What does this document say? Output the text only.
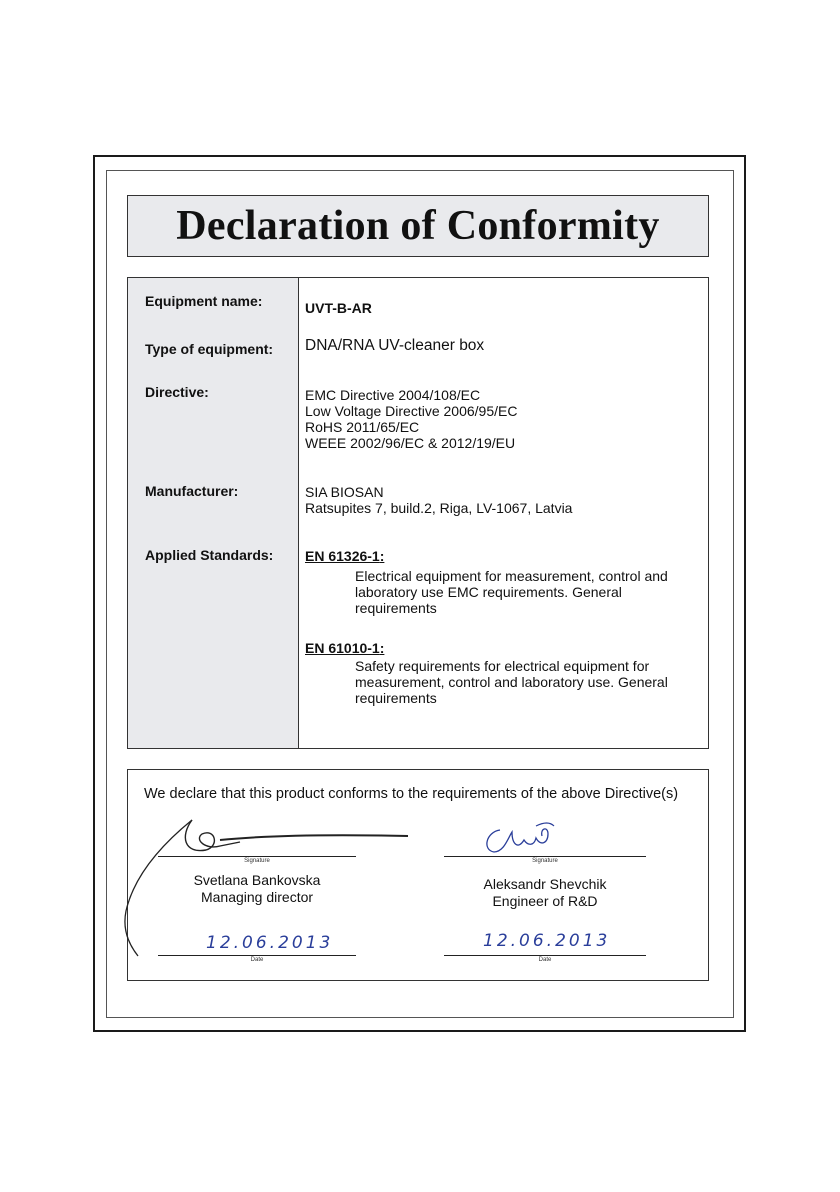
Declaration of Conformity
Equipment name:	UVT-B-AR
Type of equipment: DNA/RNA UV-cleaner box
Directive:	EMC Directive 2004/108/EC
Low Voltage Directive 2006/95/EC
RoHS 2011/65/EC
WEEE 2002/96/EC & 2012/19/EU
Manufacturer:	SIA BIOSAN
Ratsupites 7, build.2, Riga, LV-1067, Latvia
Applied Standards: EN 61326-1:
Electrical equipment for measurement, control and
laboratory use EMC requirements. General
requirements
EN 61010-1:
Safety requirements for electrical equipment for
measurement, control and laboratory use. General
requirements
We declare that this product conforms to the requirements of the above Directive(s)
Signature
Svetlana Bankovska
Managing director
12.06.2013
Date
Signature
Aleksandr Shevchik
Engineer of R&D
12.06.2013
Date
